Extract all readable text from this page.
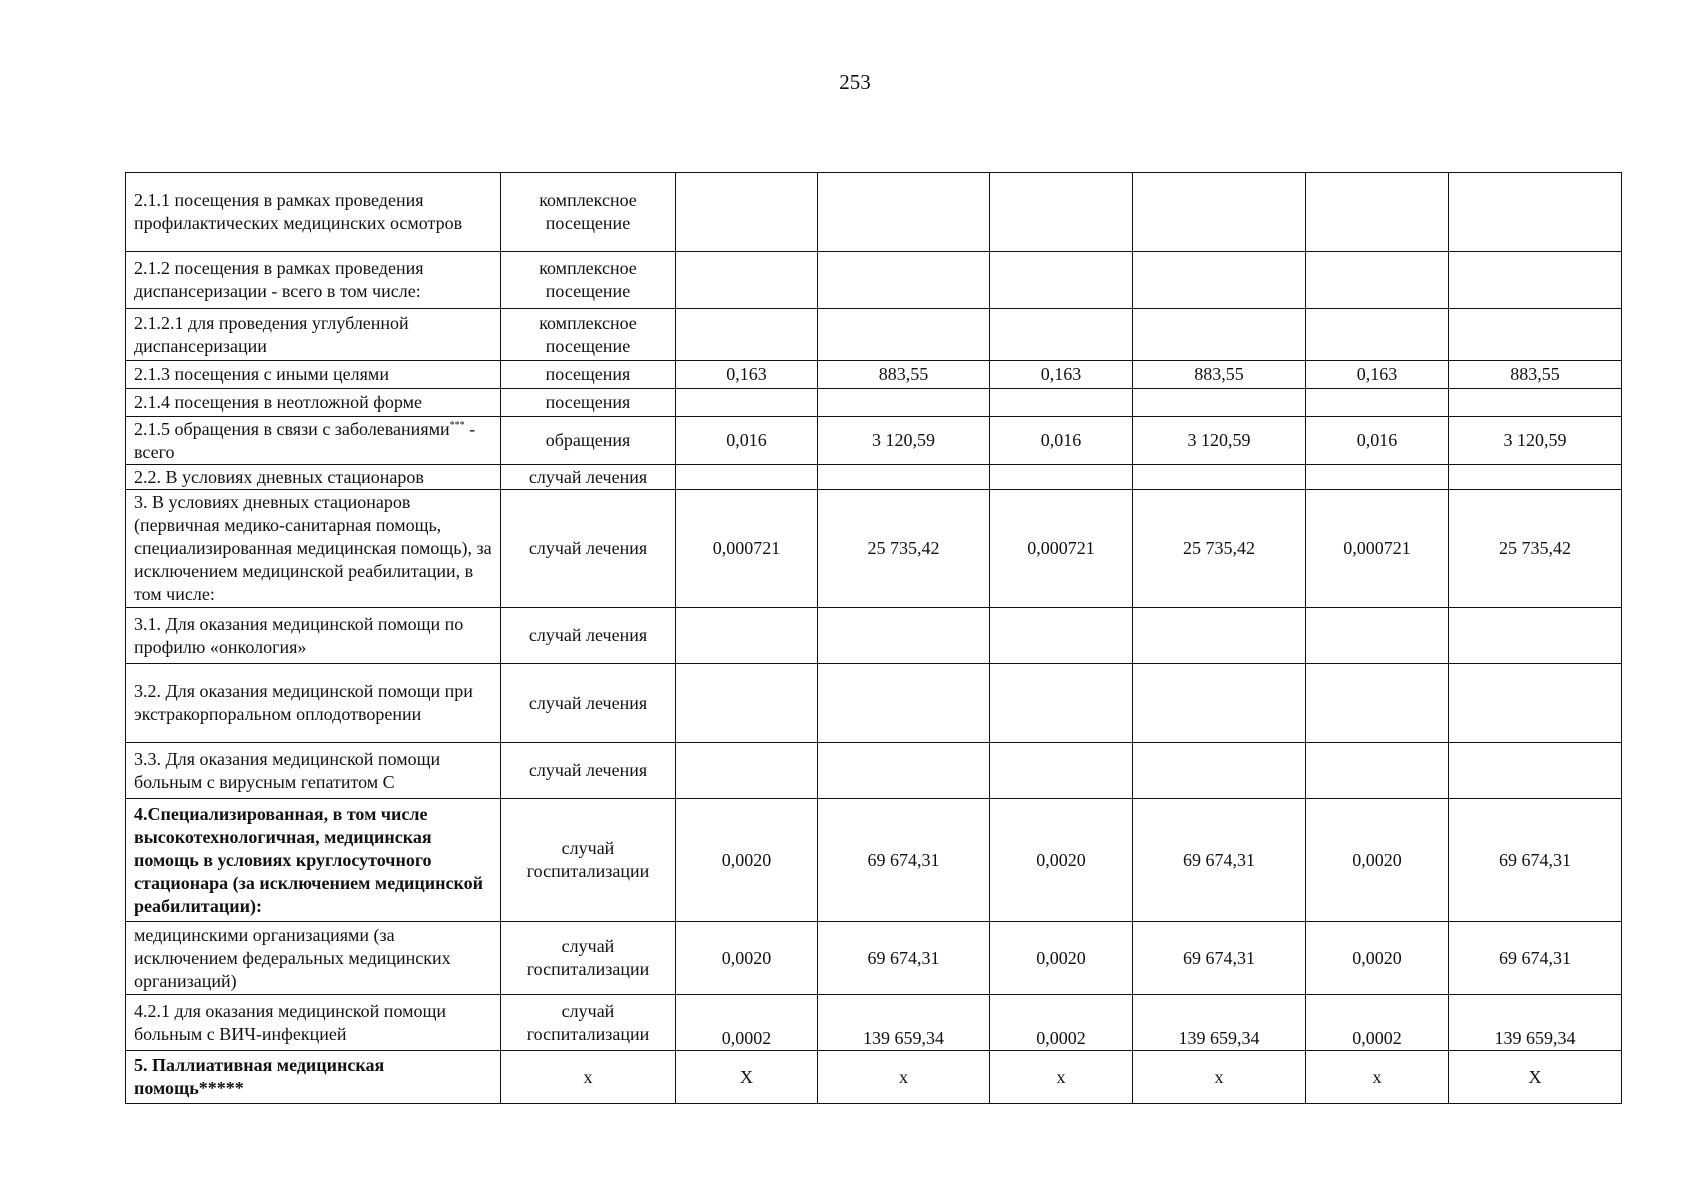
253
2.1.1 посещения в рамках проведения профилактических медицинских осмотров	комплексное посещение						
2.1.2 посещения в рамках проведения диспансеризации - всего в том числе:	комплексное посещение						
2.1.2.1 для проведения углубленной диспансеризации	комплексное посещение						
2.1.3 посещения с иными целями	посещения	0,163	883,55	0,163	883,55	0,163	883,55
2.1.4 посещения в неотложной форме	посещения						
2.1.5 обращения в связи с заболеваниями*** - всего	обращения	0,016	3 120,59	0,016	3 120,59	0,016	3 120,59
2.2. В условиях дневных стационаров	случай лечения						
3. В условиях дневных стационаров (первичная медико-санитарная помощь, специализированная медицинская помощь), за исключением медицинской реабилитации, в том числе:	случай лечения	0,000721	25 735,42	0,000721	25 735,42	0,000721	25 735,42
3.1. Для оказания медицинской помощи по профилю «онкология»	случай лечения						
3.2. Для оказания медицинской помощи при экстракорпоральном оплодотворении	случай лечения						
3.3. Для оказания медицинской помощи больным с вирусным гепатитом С	случай лечения						
4.Специализированная, в том числе высокотехнологичная, медицинская помощь в условиях круглосуточного стационара (за исключением медицинской реабилитации):	случай госпитализации	0,0020	69 674,31	0,0020	69 674,31	0,0020	69 674,31
медицинскими организациями (за исключением федеральных медицинских организаций)	случай госпитализации	0,0020	69 674,31	0,0020	69 674,31	0,0020	69 674,31
4.2.1 для оказания медицинской помощи больным с ВИЧ-инфекцией	случай госпитализации	0,0002	139 659,34	0,0002	139 659,34	0,0002	139 659,34
5. Паллиативная медицинская помощь*****	х	Х	х	х	х	х	Х
